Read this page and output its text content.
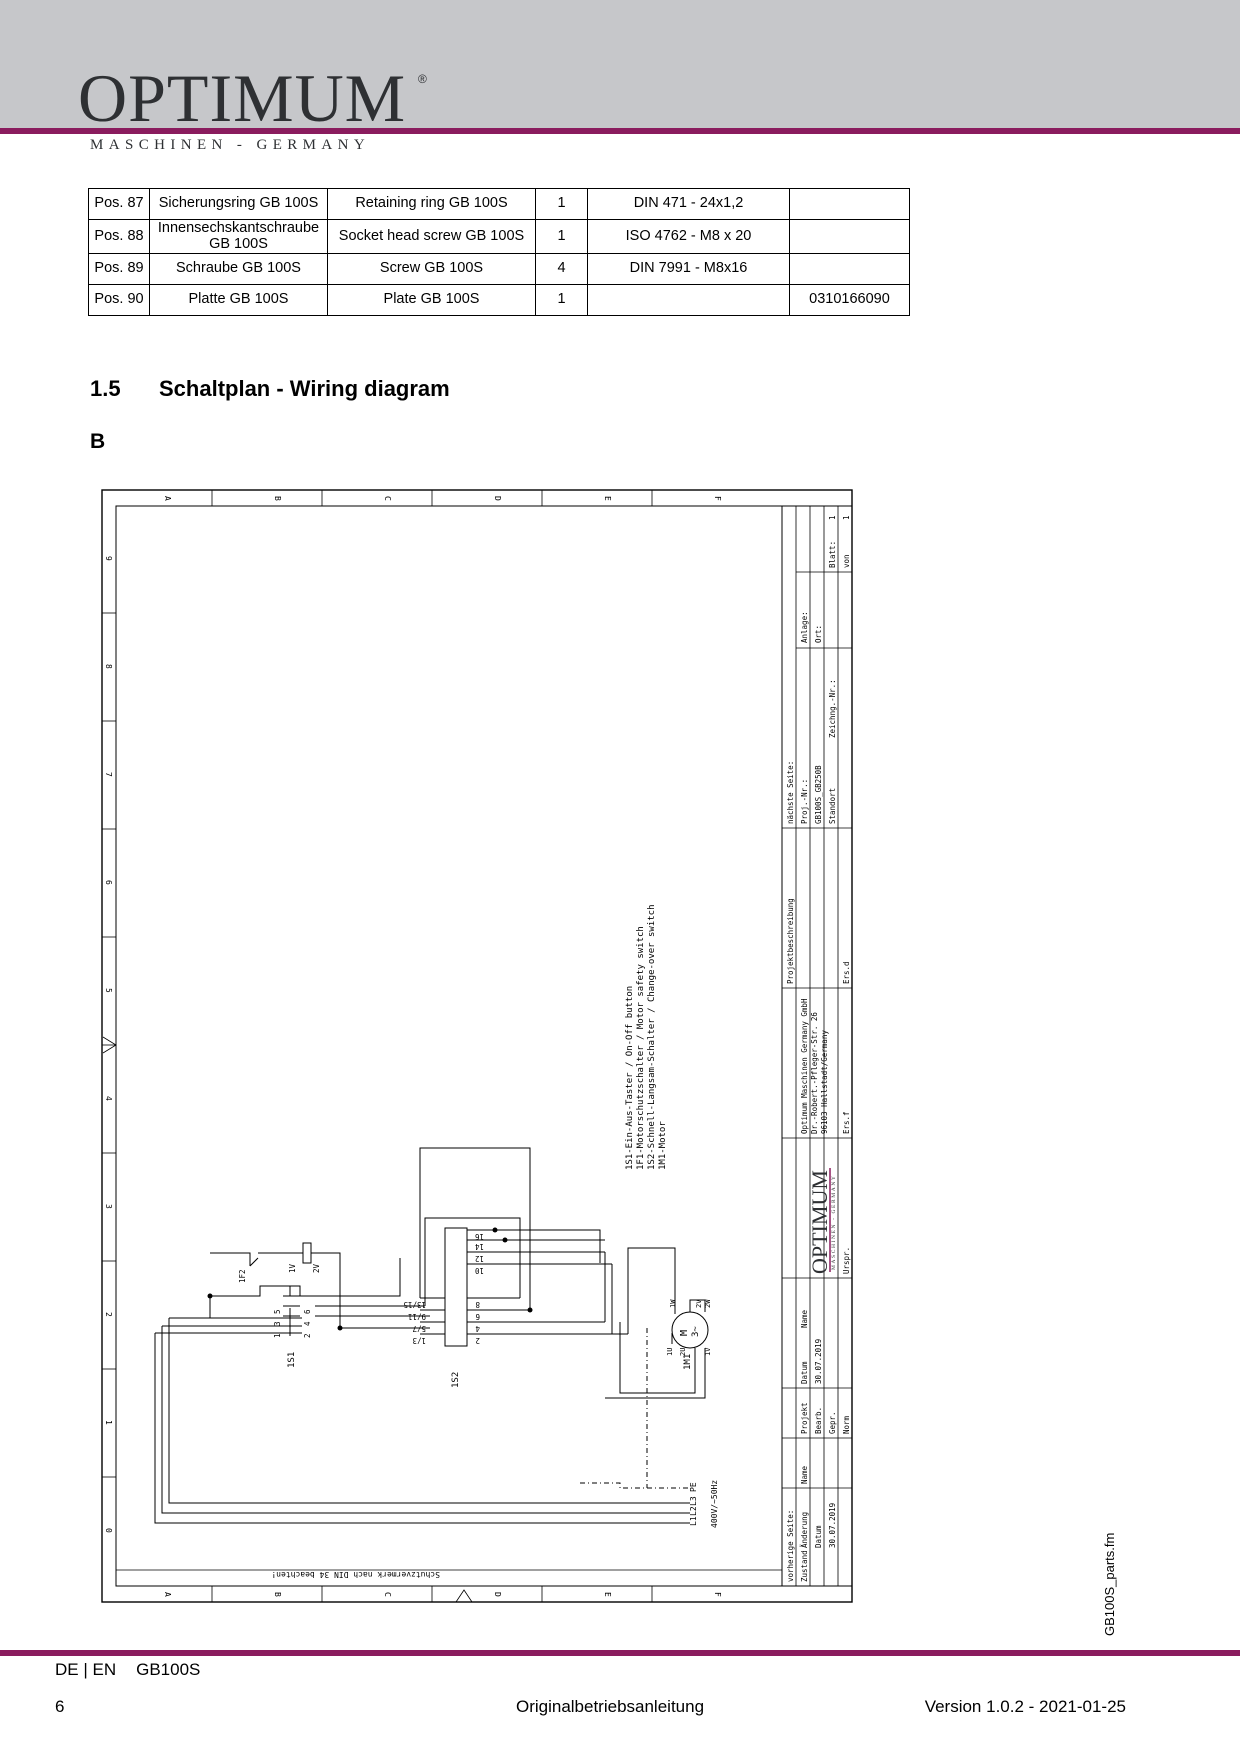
OPTIMUM ®
MASCHINEN - GERMANY
Pos. 87	Sicherungsring GB 100S	Retaining ring GB 100S	1	DIN 471 - 24x1,2	
Pos. 88	Innensechskantschraube GB 100S	Socket head screw GB 100S	1	ISO 4762 - M8 x 20	
Pos. 89	Schraube GB 100S	Screw GB 100S	4	DIN 7991 - M8x16	
Pos. 90	Platte GB 100S	Plate GB 100S	1		0310166090
1.5 Schaltplan - Wiring diagram
B
A	B	C	D	E	F
A	B	C	D	E	F
9
8
7
6
5
4
3
2
1
0
Schutzvermerk nach DIN 34 beachten!
Blatt:
1
von
1
Anlage: Ort:
Zeichng.-Nr.:
nächste Seite: Proj.-Nr.: GB100S_GB250B Standort
Projektbeschreibung	Ers.d
Optimum Maschinen Germany GmbH Dr.-Robert.-Pfleger-Str. 26 96103 Hallstadt/Germany Ers.f
Urspr.
Name
Datum 30.07.2019
Projekt Bearb. Gepr. Norm
Name
Datum 30.07.2019
vorherige Seite: Zustand
Änderung
OPTIMUM MASCHINEN - GERMANY
1S1-Ein-Aus-Taster / On-Off button 1F1-Motorschutzschalter / Motor safety switch 1S2-Schnell-Langsam-Schalter / Change-over switch 1M1-Motor
L1
L2
L3
PE 400V/~50Hz
1F2
1V 2V
1	2
3	4
5	6
1S1
1/3
5/7
9/11
13/15
2
4
6
8
10
12
14
16
1S2
M 3~
1W
2U
2V
1U
2W
1V
1M1
GB100S_parts.fm
DE | EN GB100S
6	Originalbetriebsanleitung	Version 1.0.2 - 2021-01-25
